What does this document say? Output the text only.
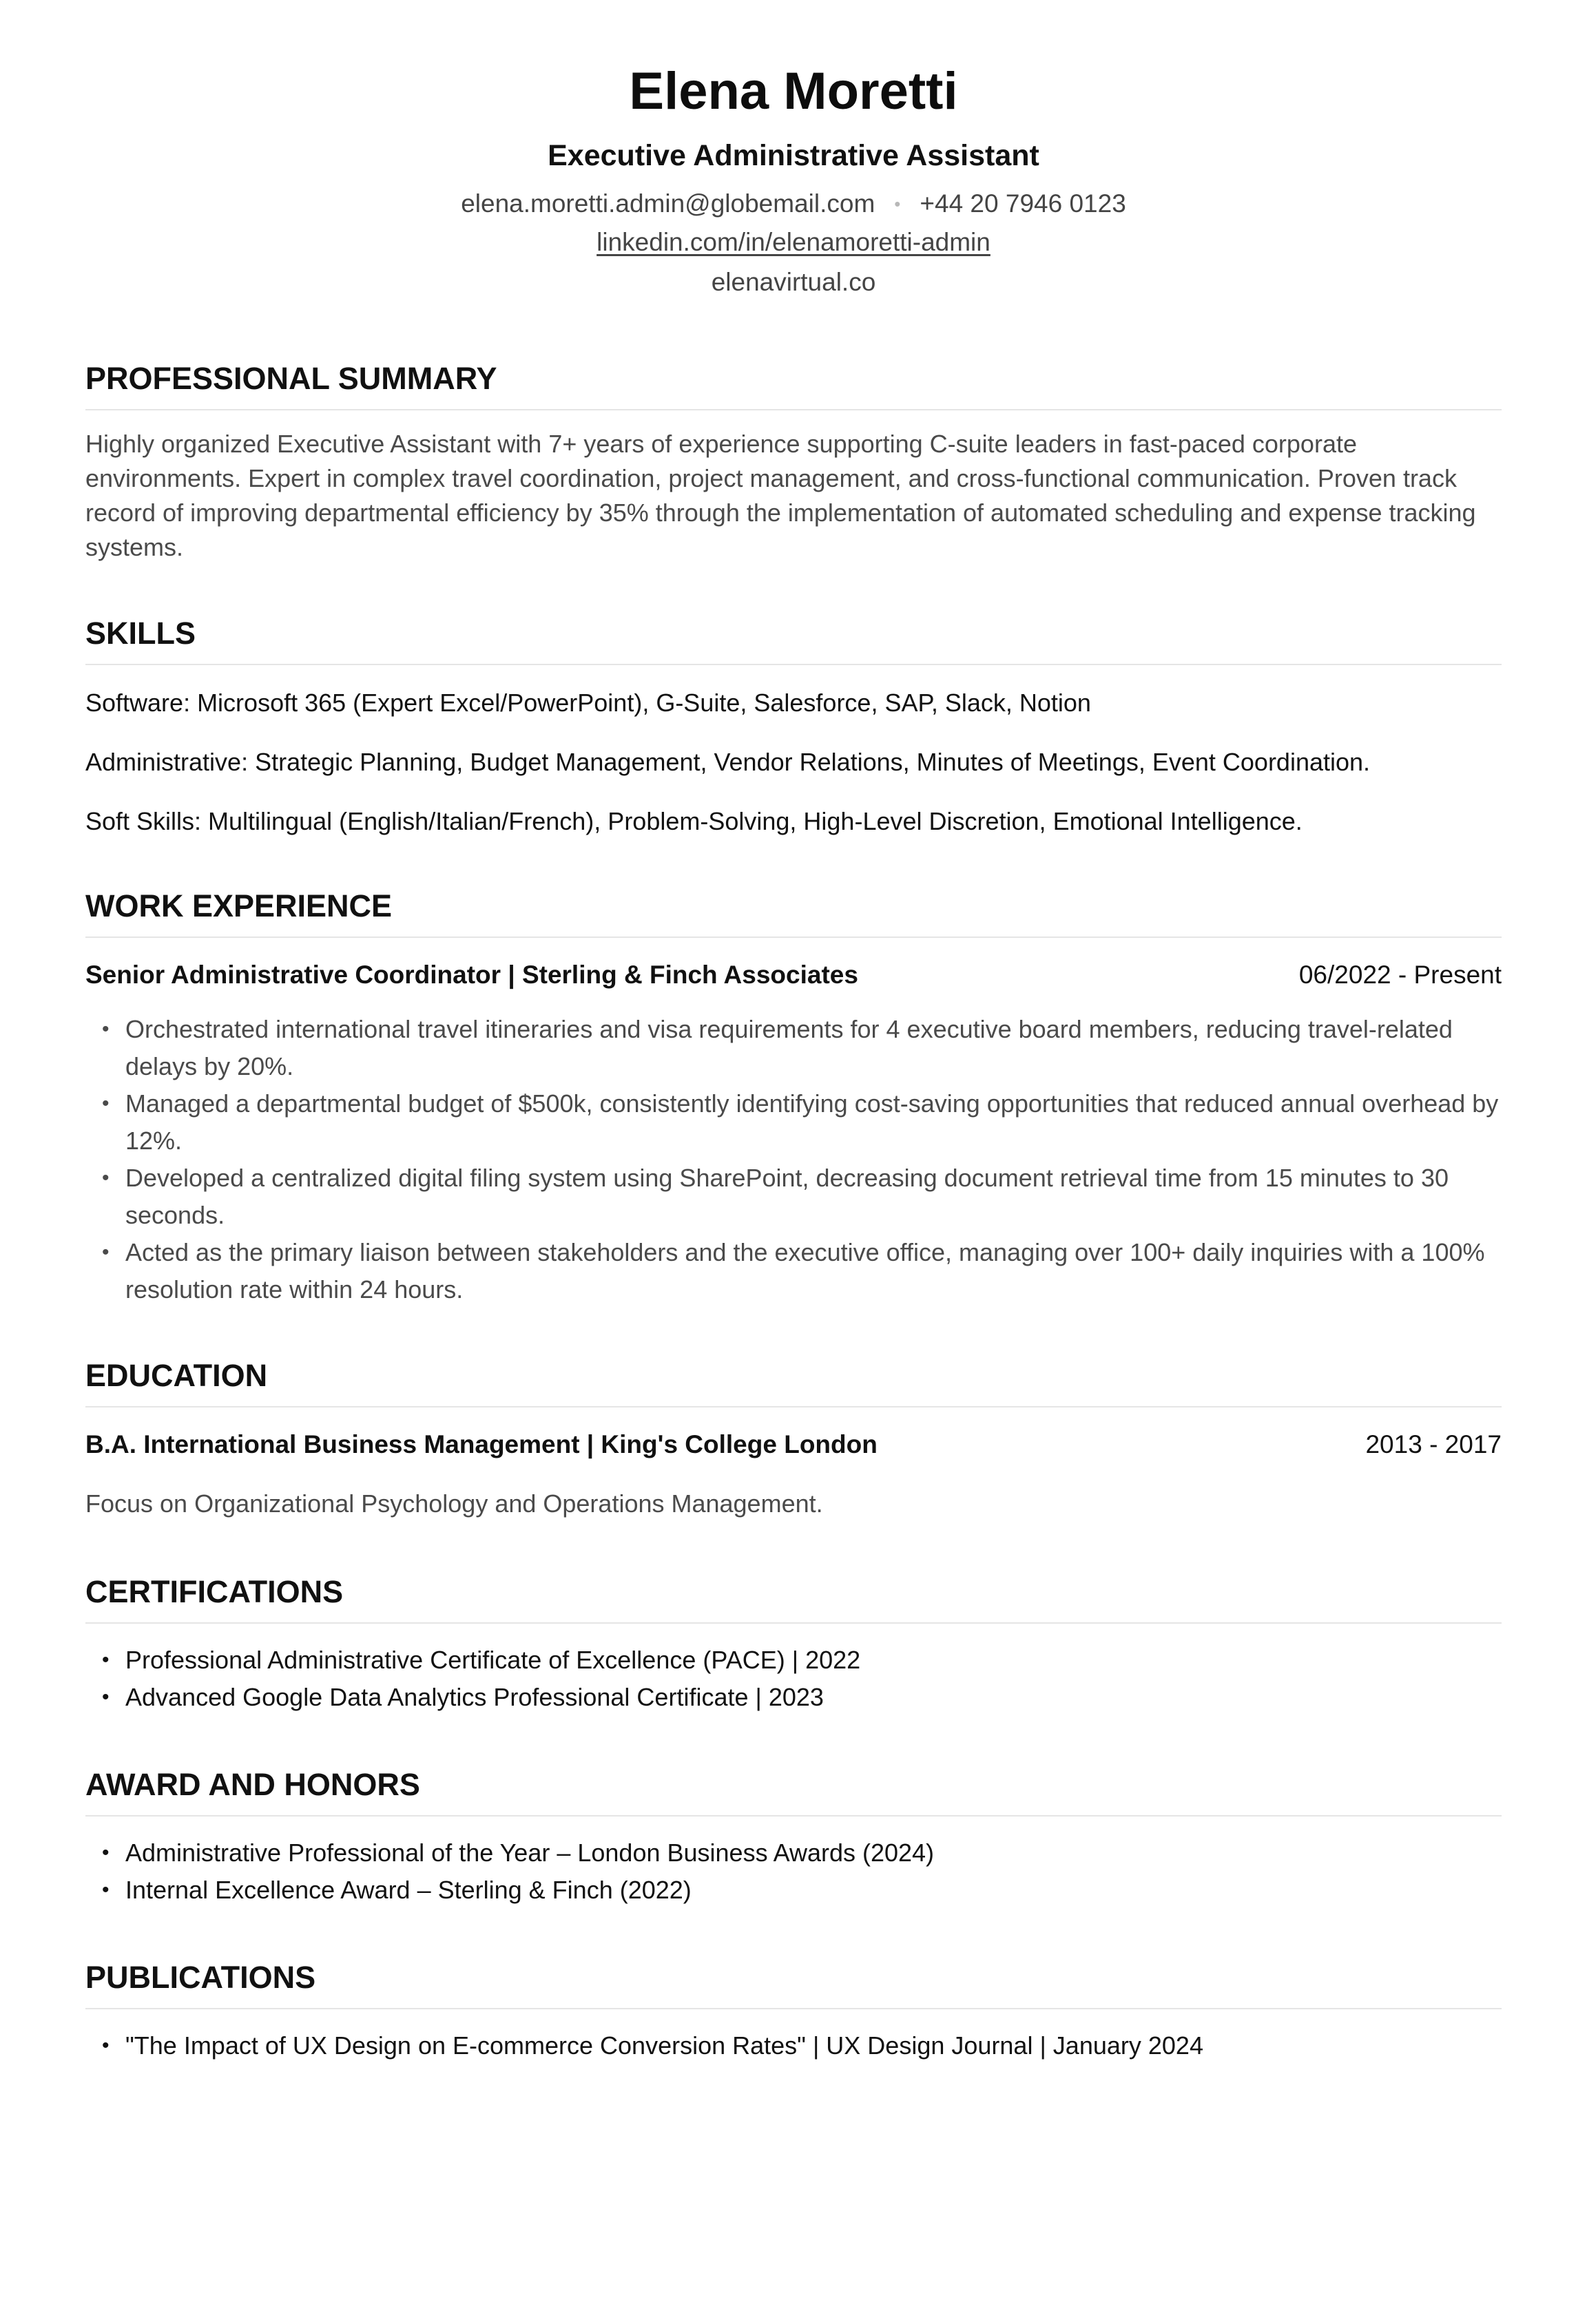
Elena Moretti
Executive Administrative Assistant
elena.moretti.admin@globemail.com • +44 20 7946 0123
linkedin.com/in/elenamoretti-admin
elenavirtual.co
PROFESSIONAL SUMMARY

Highly organized Executive Assistant with 7+ years of experience supporting C-suite leaders in fast-paced corporate environments. Expert in complex travel coordination, project management, and cross-functional communication. Proven track record of improving departmental efficiency by 35% through the implementation of automated scheduling and expense tracking systems.

SKILLS

Software: Microsoft 365 (Expert Excel/PowerPoint), G-Suite, Salesforce, SAP, Slack, Notion

Administrative: Strategic Planning, Budget Management, Vendor Relations, Minutes of Meetings, Event Coordination.

Soft Skills: Multilingual (English/Italian/French), Problem-Solving, High-Level Discretion, Emotional Intelligence.

WORK EXPERIENCE
Senior Administrative Coordinator | Sterling & Finch Associates	06/2022 - Present
• Orchestrated international travel itineraries and visa requirements for 4 executive board members, reducing travel-related delays by 20%.
• Managed a departmental budget of $500k, consistently identifying cost-saving opportunities that reduced annual overhead by 12%.
• Developed a centralized digital filing system using SharePoint, decreasing document retrieval time from 15 minutes to 30 seconds.
• Acted as the primary liaison between stakeholders and the executive office, managing over 100+ daily inquiries with a 100% resolution rate within 24 hours.
EDUCATION
B.A. International Business Management | King's College London	2013 - 2017

Focus on Organizational Psychology and Operations Management.

CERTIFICATIONS
• Professional Administrative Certificate of Excellence (PACE) | 2022
• Advanced Google Data Analytics Professional Certificate | 2023
AWARD AND HONORS
• Administrative Professional of the Year – London Business Awards (2024)
• Internal Excellence Award – Sterling & Finch (2022)
PUBLICATIONS
• "The Impact of UX Design on E-commerce Conversion Rates" | UX Design Journal | January 2024
